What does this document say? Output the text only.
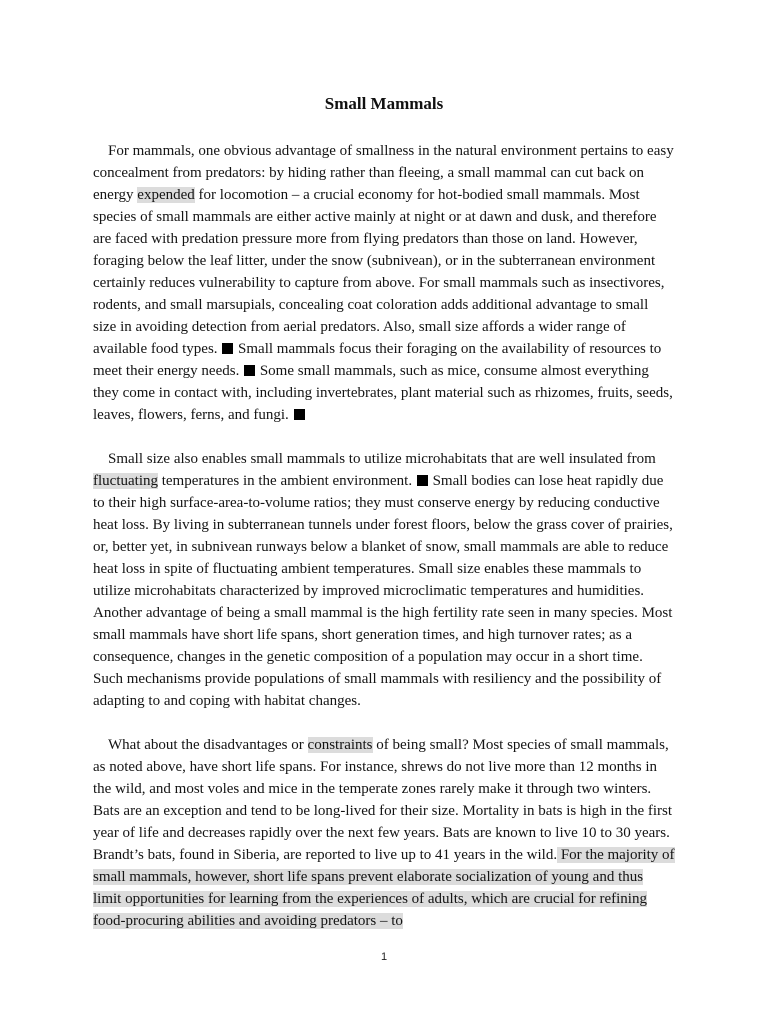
Small Mammals

For mammals, one obvious advantage of smallness in the natural environment pertains to easy concealment from predators: by hiding rather than fleeing, a small mammal can cut back on energy expended for locomotion – a crucial economy for hot-bodied small mammals. Most species of small mammals are either active mainly at night or at dawn and dusk, and therefore are faced with predation pressure more from flying predators than those on land. However, foraging below the leaf litter, under the snow (subnivean), or in the subterranean environment certainly reduces vulnerability to capture from above. For small mammals such as insectivores, rodents, and small marsupials, concealing coat coloration adds additional advantage to small size in avoiding detection from aerial predators. Also, small size affords a wider range of available food types.  Small mammals focus their foraging on the availability of resources to meet their energy needs.  Some small mammals, such as mice, consume almost everything they come in contact with, including invertebrates, plant material such as rhizomes, fruits, seeds, leaves, flowers, ferns, and fungi.

Small size also enables small mammals to utilize microhabitats that are well insulated from fluctuating temperatures in the ambient environment.  Small bodies can lose heat rapidly due to their high surface-area-to-volume ratios; they must conserve energy by reducing conductive heat loss. By living in subterranean tunnels under forest floors, below the grass cover of prairies, or, better yet, in subnivean runways below a blanket of snow, small mammals are able to reduce heat loss in spite of fluctuating ambient temperatures. Small size enables these mammals to utilize microhabitats characterized by improved microclimatic temperatures and humidities. Another advantage of being a small mammal is the high fertility rate seen in many species. Most small mammals have short life spans, short generation times, and high turnover rates; as a consequence, changes in the genetic composition of a population may occur in a short time. Such mechanisms provide populations of small mammals with resiliency and the possibility of adapting to and coping with habitat changes.

What about the disadvantages or constraints of being small? Most species of small mammals, as noted above, have short life spans. For instance, shrews do not live more than 12 months in the wild, and most voles and mice in the temperate zones rarely make it through two winters. Bats are an exception and tend to be long-lived for their size. Mortality in bats is high in the first year of life and decreases rapidly over the next few years. Bats are known to live 10 to 30 years. Brandt’s bats, found in Siberia, are reported to live up to 41 years in the wild. For the majority of small mammals, however, short life spans prevent elaborate socialization of young and thus limit opportunities for learning from the experiences of adults, which are crucial for refining food-procuring abilities and avoiding predators – to

1
